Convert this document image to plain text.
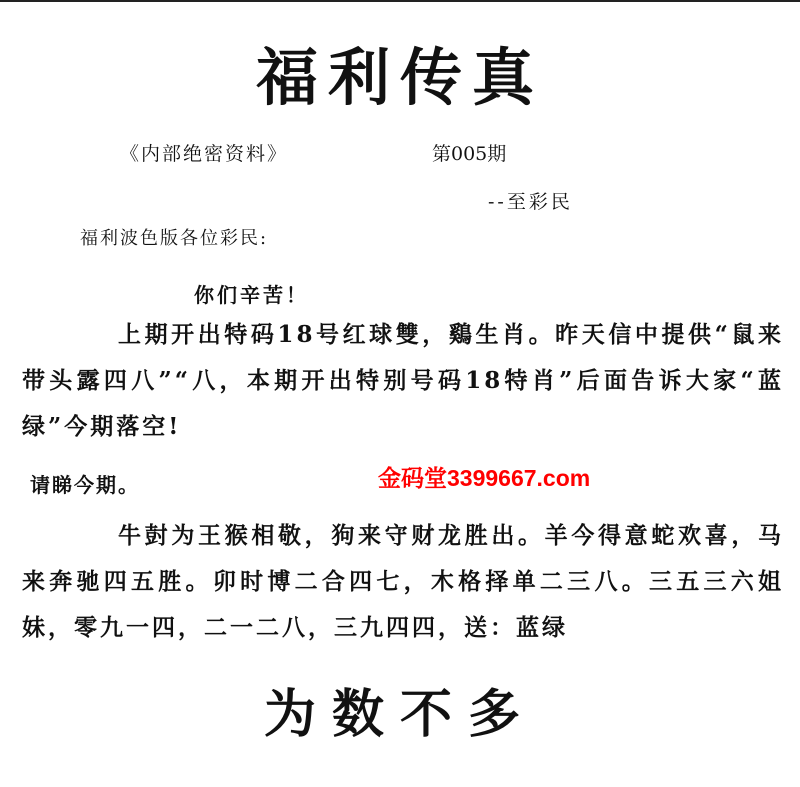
福利传真
《内部绝密资料》	第005期
--至彩民
福利波色版各位彩民:
你们辛苦！
上期开出特码18号红球雙，鷄生肖。昨天信中提供“鼠来带头露四八”“八，本期开出特别号码18特肖”后面告诉大家“蓝绿”今期落空!
请睇今期。	金码堂3399667.com
牛尌为王猴相敬，狗来守财龙胜出。羊今得意蛇欢喜，马来奔驰四五胜。卯时博二合四七，木格择单二三八。三五三六姐妹，零九一四，二一二八，三九四四，送：蓝绿
为数不多
